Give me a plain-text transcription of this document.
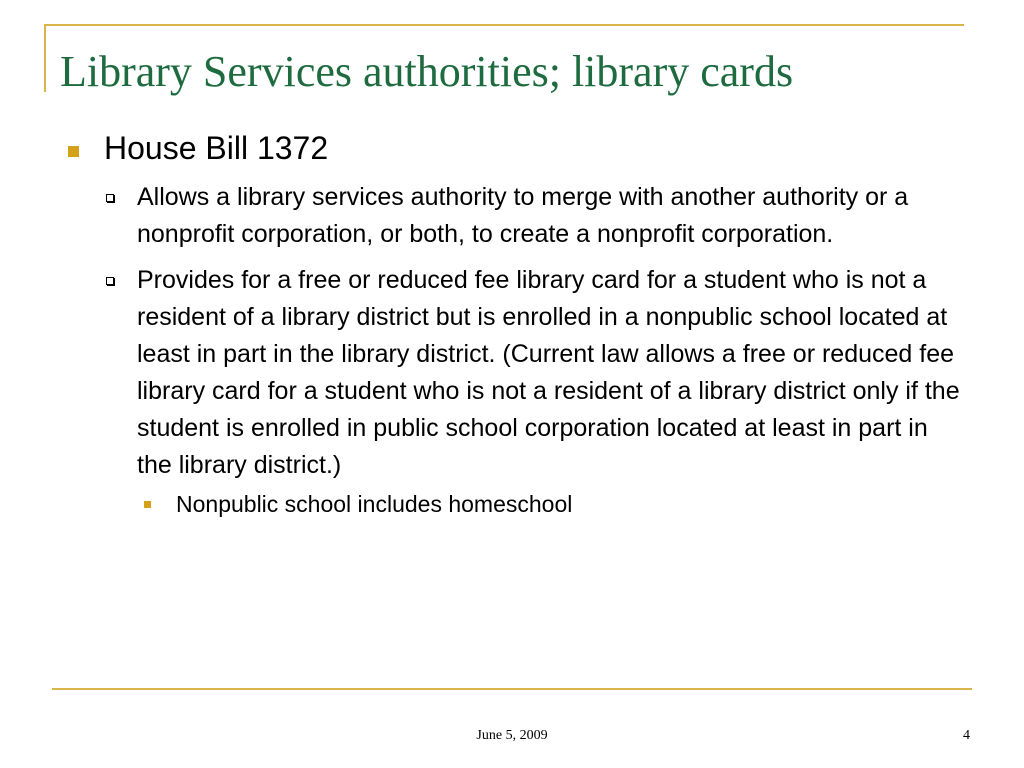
Library Services authorities; library cards
House Bill 1372
Allows a library services authority to merge with another authority or a nonprofit corporation, or both, to create a nonprofit corporation.
Provides for a free or reduced fee library card for a student who is not a resident of a library district but is enrolled in a nonpublic school located at least in part in the library district. (Current law allows a free or reduced fee library card for a student who is not a resident of a library district only if the student is enrolled in public school corporation located at least in part in the library district.)
Nonpublic school includes homeschool
June 5, 2009	4
